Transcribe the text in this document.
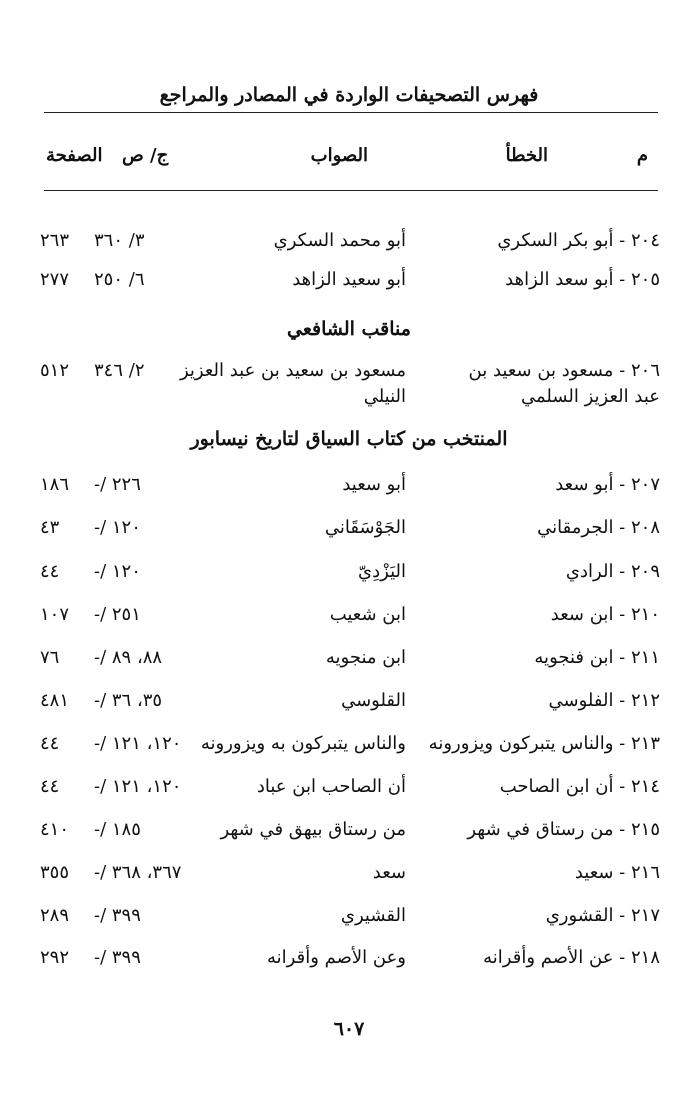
فهرس التصحيفات الواردة في المصادر والمراجع
م
الخطأ
الصواب
ج/ ص
الصفحة
٢٠٤ - أبو بكر السكري
أبو محمد السكري
٣/ ٣٦٠
٢٦٣
٢٠٥ - أبو سعد الزاهد
أبو سعيد الزاهد
٦/ ٢٥٠
٢٧٧
مناقب الشافعي
٢٠٦ - مسعود بن سعيد بن
عبد العزيز السلمي
مسعود بن سعيد بن عبد العزيز
النيلي
٢/ ٣٤٦
٥١٢
المنتخب من كتاب السياق لتاريخ نيسابور
٢٠٧ - أبو سعد
أبو سعيد
-/ ٢٢٦
١٨٦
٢٠٨ - الجرمقاني
الجَوْسَقَاني
-/ ١٢٠
٤٣
٢٠٩ - الرادي
اليَزْدِيّ
-/ ١٢٠
٤٤
٢١٠ - ابن سعد
ابن شعيب
-/ ٢٥١
١٠٧
٢١١ - ابن فنجويه
ابن منجويه
-/ ٨٨، ٨٩
٧٦
٢١٢ - الفلوسي
القلوسي
-/ ٣٥، ٣٦
٤٨١
٢١٣ - والناس يتبركون ويزورونه
والناس يتبركون به ويزورونه
-/ ١٢٠، ١٢١
٤٤
٢١٤ - أن ابن الصاحب
أن الصاحب ابن عباد
-/ ١٢٠، ١٢١
٤٤
٢١٥ - من رستاق في شهر
من رستاق بيهق في شهر
-/ ١٨٥
٤١٠
٢١٦ - سعيد
سعد
-/ ٣٦٧، ٣٦٨
٣٥٥
٢١٧ - القشوري
القشيري
-/ ٣٩٩
٢٨٩
٢١٨ - عن الأصم وأقرانه
وعن الأصم وأقرانه
-/ ٣٩٩
٢٩٢
٦٠٧
